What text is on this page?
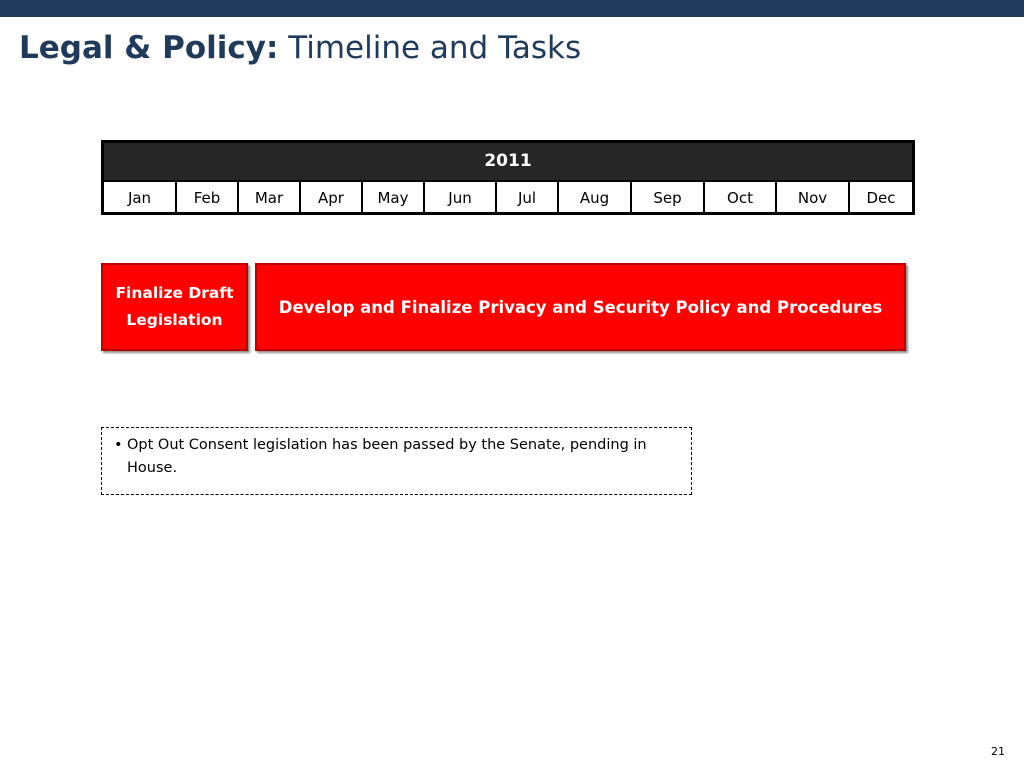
Legal & Policy: Timeline and Tasks
2011
Jan	Feb	Mar	Apr	May	Jun	Jul	Aug	Sep	Oct	Nov	Dec
Finalize Draft Legislation
Develop and Finalize Privacy and Security Policy and Procedures
• Opt Out Consent legislation has been passed by the Senate, pending in House.
21
